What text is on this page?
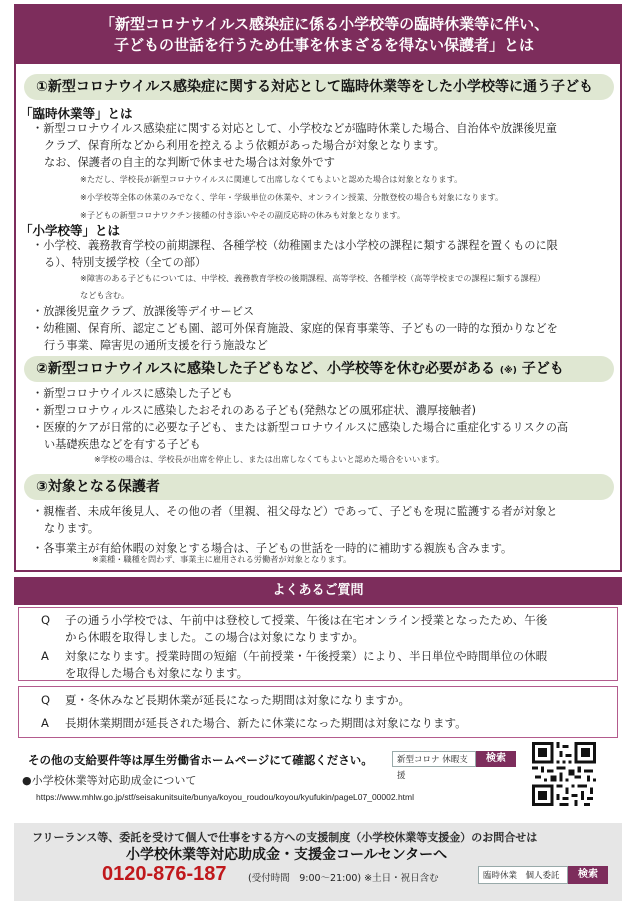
「新型コロナウイルス感染症に係る小学校等の臨時休業等に伴い、
子どもの世話を行うため仕事を休まざるを得ない保護者」とは
①新型コロナウイルス感染症に関する対応として臨時休業等をした小学校等に通う子ども
「臨時休業等」とは
・新型コロナウイルス感染症に関する対応として、小学校などが臨時休業した場合、自治体や放課後児童
クラブ、保育所などから利用を控えるよう依頼があった場合が対象となります。
なお、保護者の自主的な判断で休ませた場合は対象外です
※ただし、学校長が新型コロナウイルスに関連して出席しなくてもよいと認めた場合は対象となります。
※小学校等全体の休業のみでなく、学年・学級単位の休業や、オンライン授業、分散登校の場合も対象になります。
※子どもの新型コロナワクチン接種の付き添いやその副反応時の休みも対象となります。
「小学校等」とは
・小学校、義務教育学校の前期課程、各種学校（幼稚園または小学校の課程に類する課程を置くものに限
る）、特別支援学校（全ての部）
※障害のある子どもについては、中学校、義務教育学校の後期課程、高等学校、各種学校（高等学校までの課程に類する課程）
なども含む。
・放課後児童クラブ、放課後等デイサービス
・幼稚園、保育所、認定こども園、認可外保育施設、家庭的保育事業等、子どもの一時的な預かりなどを
行う事業、障害児の通所支援を行う施設など
②新型コロナウイルスに感染した子どもなど、小学校等を休む必要がある (※) 子ども
・新型コロナウイルスに感染した子ども
・新型コロナウィルスに感染したおそれのある子ども(発熱などの風邪症状、濃厚接触者)
・医療的ケアが日常的に必要な子ども、または新型コロナウイルスに感染した場合に重症化するリスクの高
い基礎疾患などを有する子ども
※学校の場合は、学校長が出席を停止し、または出席しなくてもよいと認めた場合をいいます。
③対象となる保護者
・親権者、未成年後見人、その他の者（里親、祖父母など）であって、子どもを現に監護する者が対象と
なります。
・各事業主が有給休暇の対象とする場合は、子どもの世話を一時的に補助する親族も含みます。
※業種・職種を問わず、事業主に雇用される労働者が対象となります。
よくあるご質問
Q 子の通う小学校では、午前中は登校して授業、午後は在宅オンライン授業となったため、午後
から休暇を取得しました。この場合は対象になりますか。
A 対象になります。授業時間の短縮（午前授業・午後授業）により、半日単位や時間単位の休暇
を取得した場合も対象になります。
Q 夏・冬休みなど長期休業が延長になった期間は対象になりますか。
A 長期休業期間が延長された場合、新たに休業になった期間は対象になります。
その他の支給要件等は厚生労働省ホームページにて確認ください。	新型コロナ 休暇支援
検索
●小学校休業等対応助成金について
https://www.mhlw.go.jp/stf/seisakunitsuite/bunya/koyou_roudou/koyou/kyufukin/pageL07_00002.html
フリーランス等、委託を受けて個人で仕事をする方への支援制度（小学校休業等支援金）のお問合せは
小学校休業等対応助成金・支援金コールセンターへ
0120-876-187 (受付時間　9:00～21:00) ※土日・祝日含む	臨時休業　個人委託	検索
